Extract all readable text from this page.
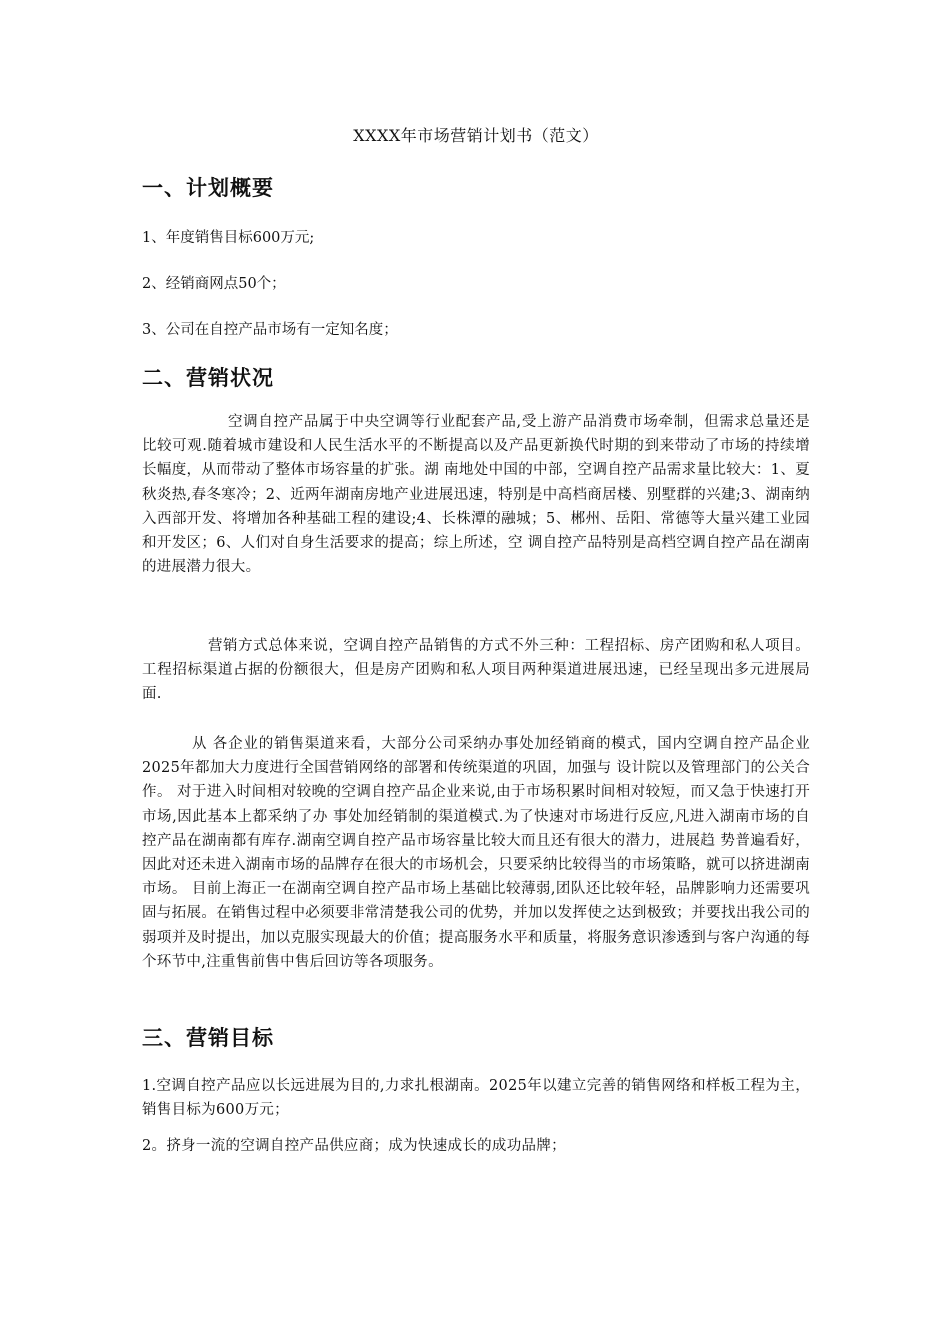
XXXX年市场营销计划书（范文）
一、计划概要
1、年度销售目标600万元;
2、经销商网点50个；
3、公司在自控产品市场有一定知名度；
二、营销状况
空调自控产品属于中央空调等行业配套产品,受上游产品消费市场牵制，但需求总量还是比较可观.随着城市建设和人民生活水平的不断提高以及产品更新换代时期的到来带动了市场的持续增长幅度，从而带动了整体市场容量的扩张。湖 南地处中国的中部，空调自控产品需求量比较大：1、夏秋炎热,春冬寒冷；2、近两年湖南房地产业进展迅速，特别是中高档商居楼、别墅群的兴建;3、湖南纳 入西部开发、将增加各种基础工程的建设;4、长株潭的融城；5、郴州、岳阳、常德等大量兴建工业园和开发区；6、人们对自身生活要求的提高；综上所述，空 调自控产品特别是高档空调自控产品在湖南的进展潜力很大。
营销方式总体来说，空调自控产品销售的方式不外三种：工程招标、房产团购和私人项目。工程招标渠道占据的份额很大，但是房产团购和私人项目两种渠道进展迅速，已经呈现出多元进展局面.
从 各企业的销售渠道来看，大部分公司采纳办事处加经销商的模式，国内空调自控产品企业2025年都加大力度进行全国营销网络的部署和传统渠道的巩固，加强与 设计院以及管理部门的公关合作。 对于进入时间相对较晚的空调自控产品企业来说,由于市场积累时间相对较短，而又急于快速打开市场,因此基本上都采纳了办 事处加经销制的渠道模式.为了快速对市场进行反应,凡进入湖南市场的自控产品在湖南都有库存.湖南空调自控产品市场容量比较大而且还有很大的潜力，进展趋 势普遍看好，因此对还未进入湖南市场的品牌存在很大的市场机会，只要采纳比较得当的市场策略，就可以挤进湖南市场。 目前上海正一在湖南空调自控产品市场上基础比较薄弱,团队还比较年轻，品牌影响力还需要巩固与拓展。在销售过程中必须要非常清楚我公司的优势，并加以发挥使之达到极致；并要找出我公司的弱项并及时提出，加以克服实现最大的价值；提高服务水平和质量，将服务意识渗透到与客户沟通的每个环节中,注重售前售中售后回访等各项服务。
三、营销目标
1.空调自控产品应以长远进展为目的,力求扎根湖南。2025年以建立完善的销售网络和样板工程为主，销售目标为600万元；
2。挤身一流的空调自控产品供应商；成为快速成长的成功品牌；
